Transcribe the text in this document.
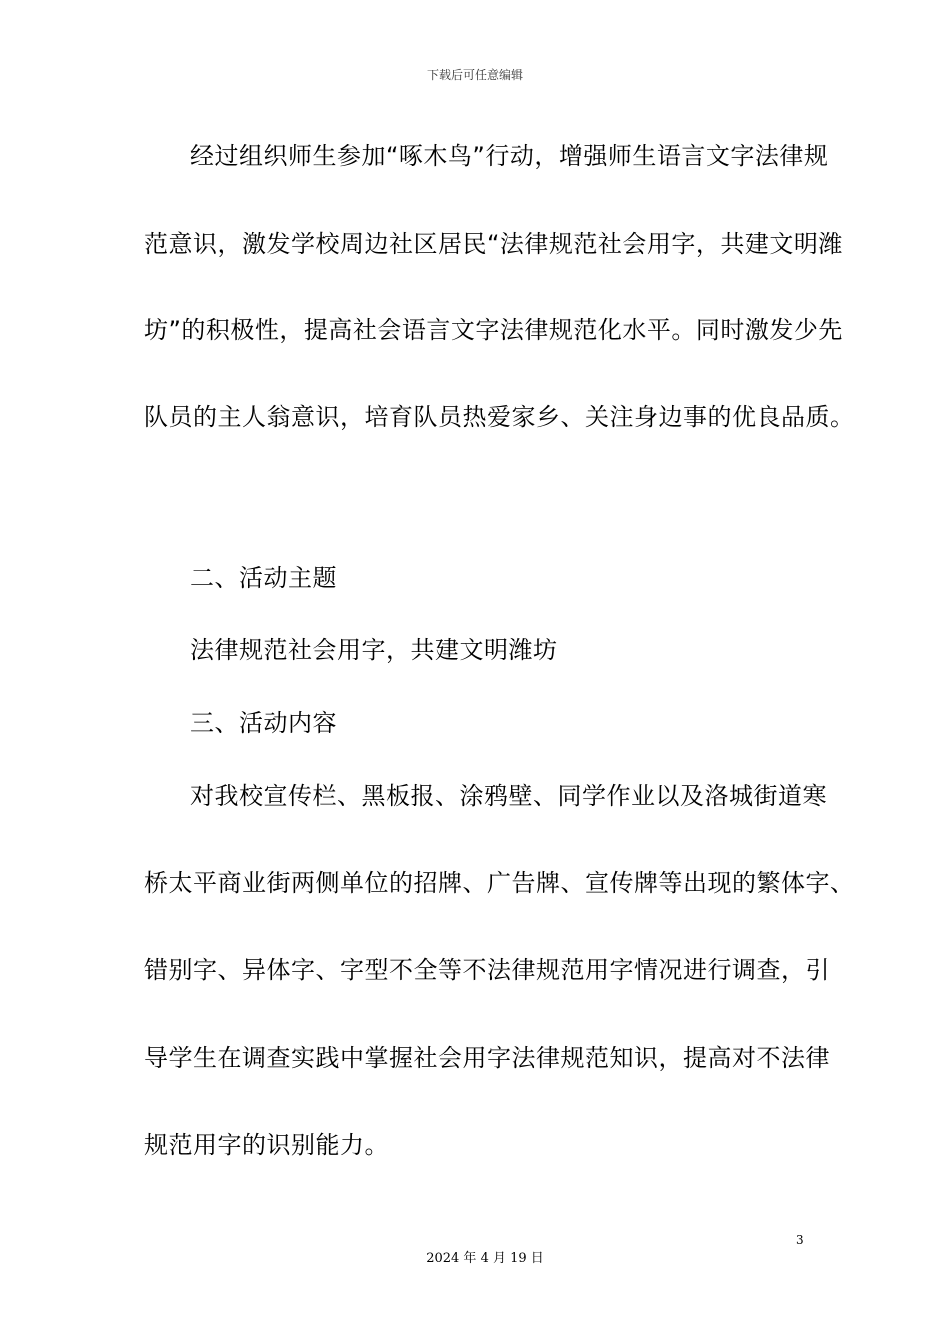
下载后可任意编辑
经过组织师生参加“啄木鸟”行动，增强师生语言文字法律规
范意识，激发学校周边社区居民“法律规范社会用字，共建文明潍
坊”的积极性，提高社会语言文字法律规范化水平。同时激发少先
队员的主人翁意识，培育队员热爱家乡、关注身边事的优良品质。
二、活动主题
法律规范社会用字，共建文明潍坊
三、活动内容
对我校宣传栏、黑板报、涂鸦壁、同学作业以及洛城街道寒
桥太平商业街两侧单位的招牌、广告牌、宣传牌等出现的繁体字、
错别字、异体字、字型不全等不法律规范用字情况进行调查，引
导学生在调查实践中掌握社会用字法律规范知识，提高对不法律
规范用字的识别能力。
3
2024 年 4 月 19 日
